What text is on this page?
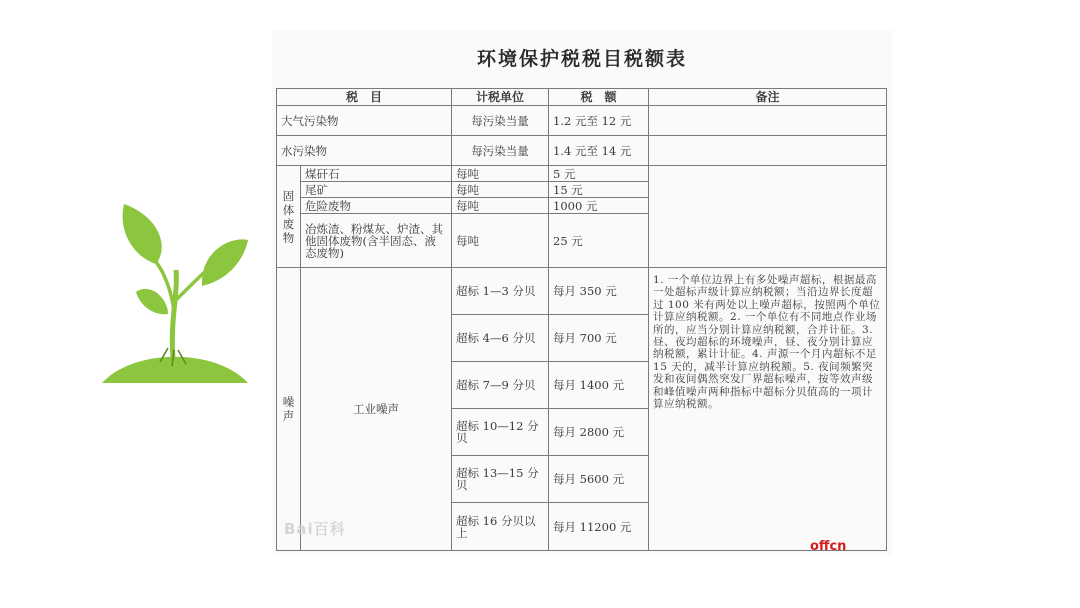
环境保护税税目税额表
税　目		计税单位	税　额	备注
大气污染物		每污染当量	1.2 元至 12 元	
水污染物		每污染当量	1.4 元至 14 元	
固体废物	煤矸石	每吨	5 元	
	尾矿	每吨	15 元	
	危险废物	每吨	1000 元	
	冶炼渣、粉煤灰、炉渣、其他固体废物(含半固态、液态废物)	每吨	25 元	
噪声	工业噪声	超标 1—3 分贝	每月 350 元	1. 一个单位边界上有多处噪声超标，根据最高一处超标声级计算应纳税额；当沿边界长度超过 100 米有两处以上噪声超标，按照两个单位计算应纳税额。2. 一个单位有不同地点作业场所的，应当分别计算应纳税额，合并计征。3. 昼、夜均超标的环境噪声，昼、夜分别计算应纳税额，累计计征。4. 声源一个月内超标不足 15 天的，减半计算应纳税额。5. 夜间频繁突发和夜间偶然突发厂界超标噪声，按等效声级和峰值噪声两种指标中超标分贝值高的一项计算应纳税额。
		超标 4—6 分贝	每月 700 元	
		超标 7—9 分贝	每月 1400 元	
		超标 10—12 分贝	每月 2800 元	
		超标 13—15 分贝	每月 5600 元	
		超标 16 分贝以上	每月 11200 元	
Bai百科
offcn
